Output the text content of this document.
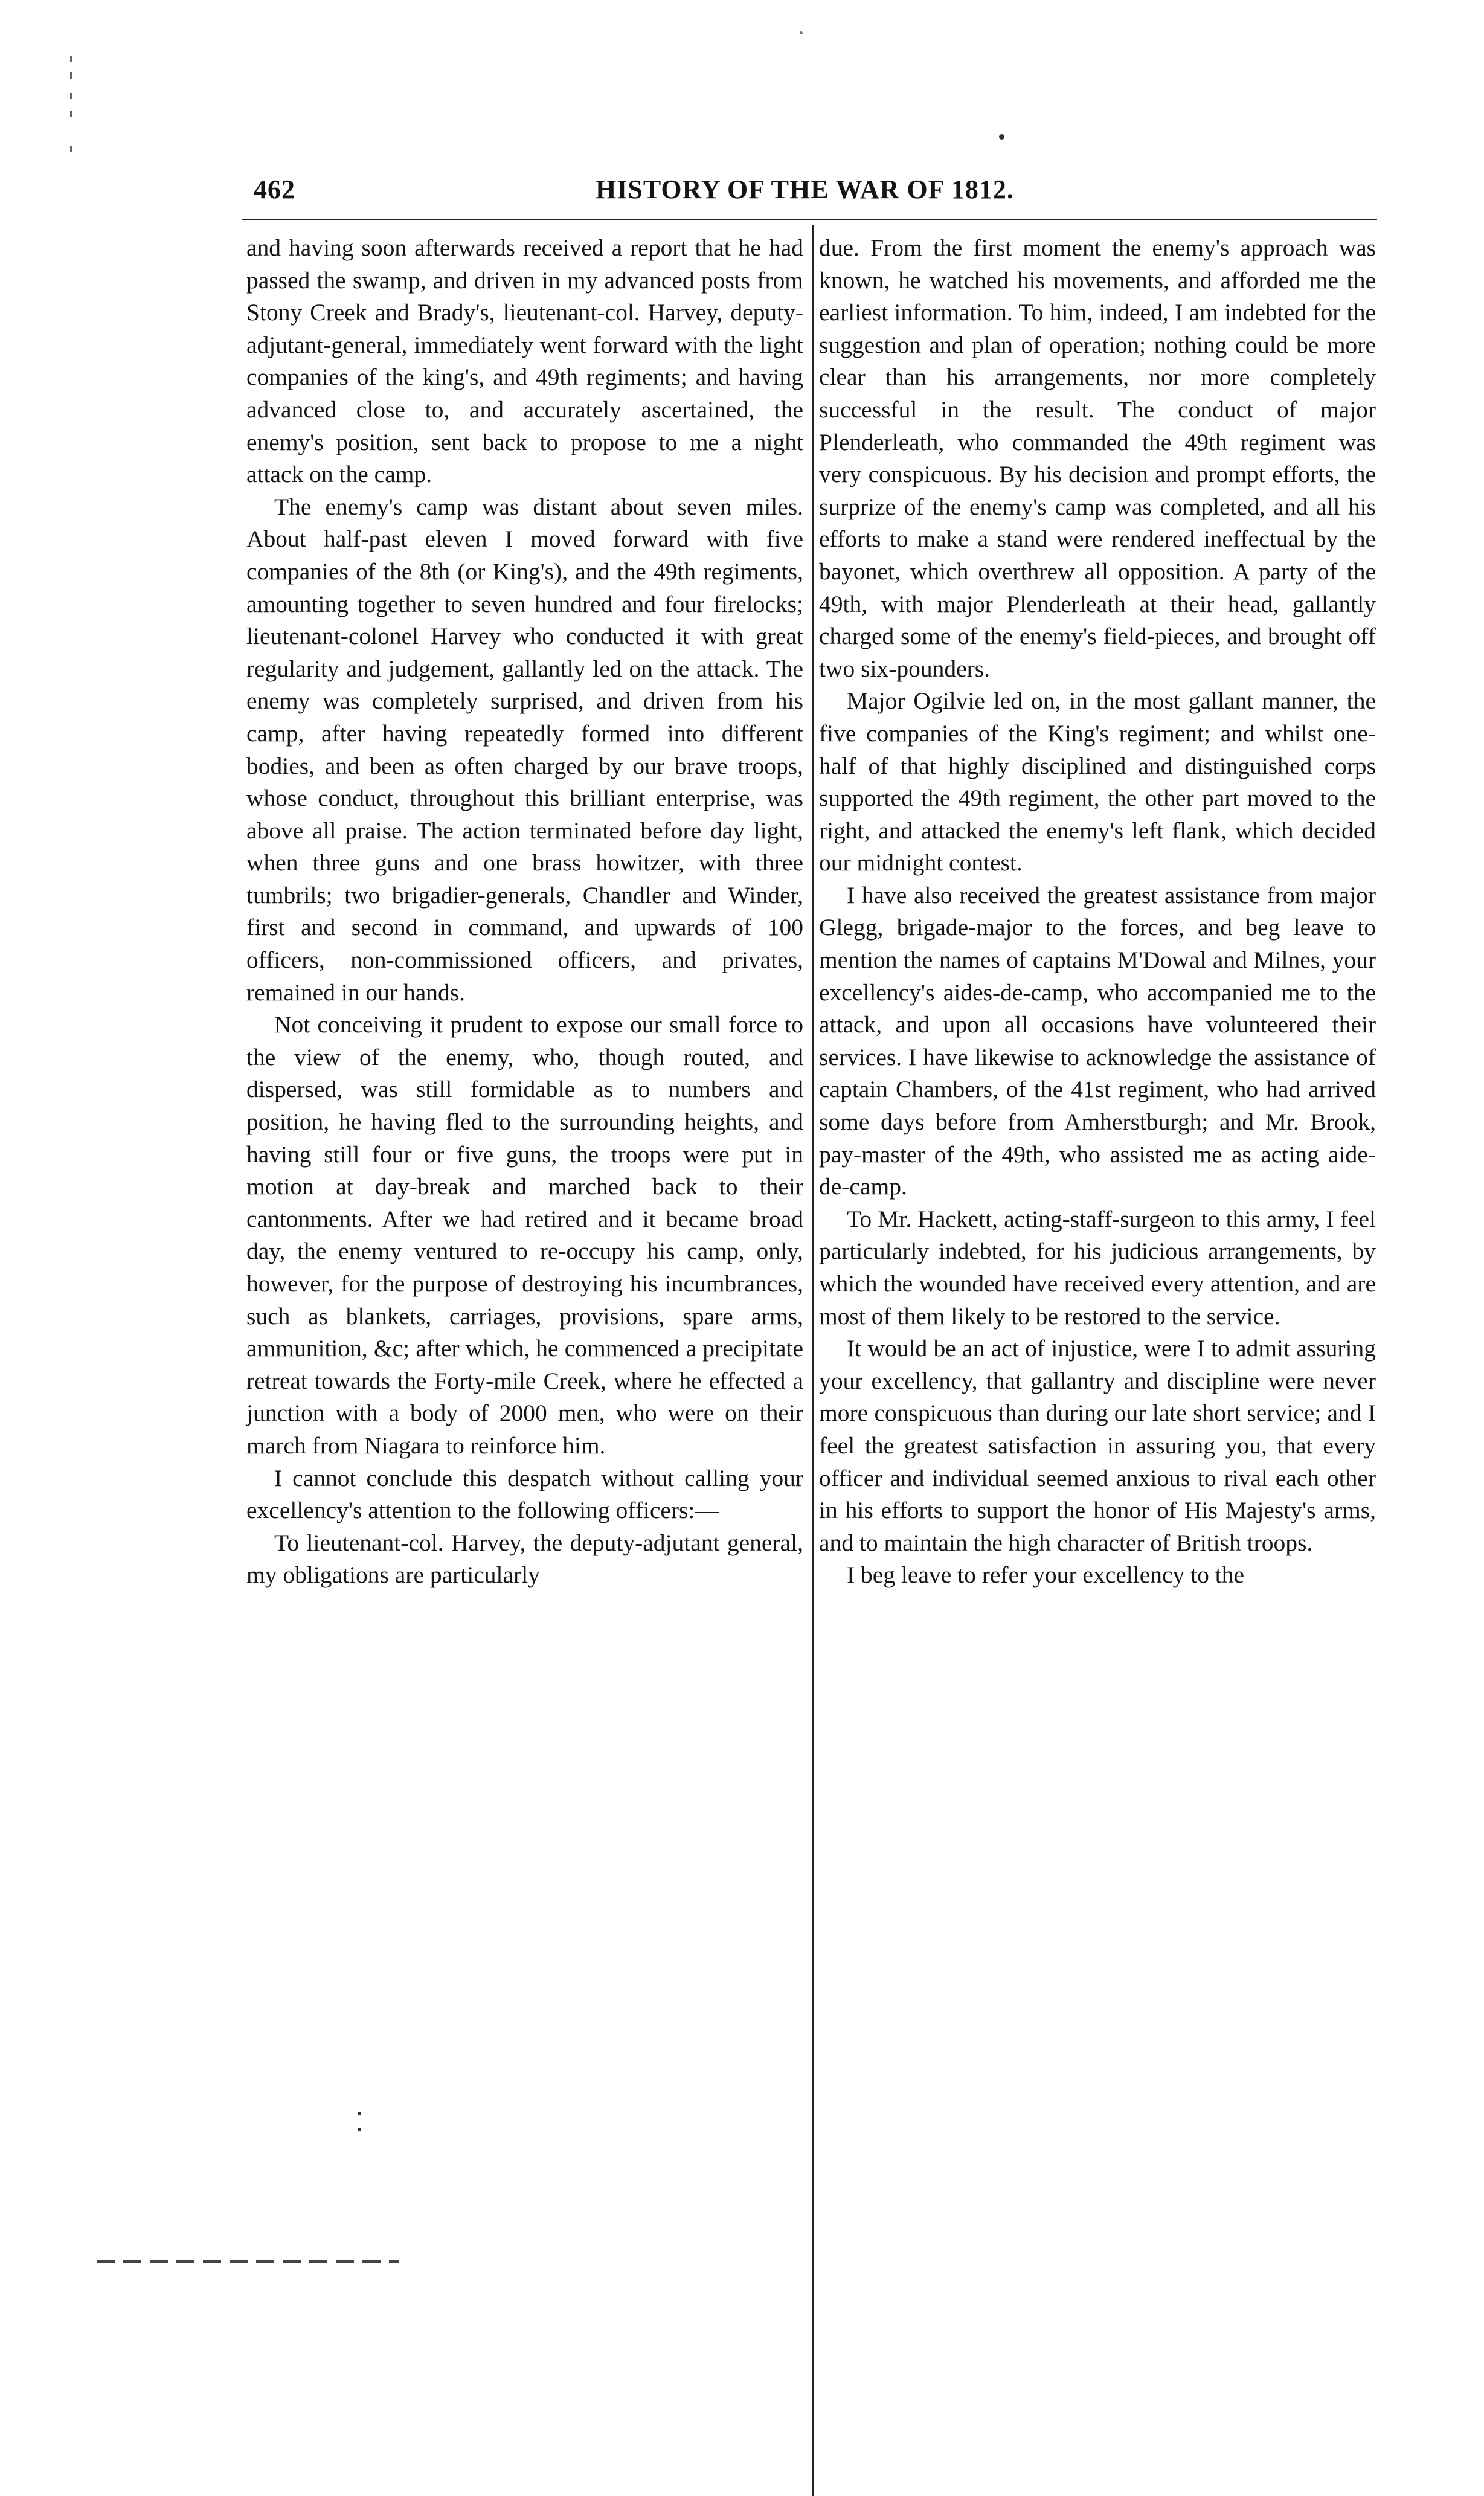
462	HISTORY OF THE WAR OF 1812.

and having soon afterwards received a report that he had passed the swamp, and driven in my advanced posts from Stony Creek and Brady's, lieutenant-col. Harvey, deputy-adjutant-general, immediately went forward with the light companies of the king's, and 49th regiments; and having advanced close to, and accurately ascertained, the enemy's position, sent back to propose to me a night attack on the camp.

The enemy's camp was distant about seven miles. About half-past eleven I moved forward with five companies of the 8th (or King's), and the 49th regiments, amounting together to seven hundred and four firelocks; lieutenant-colonel Harvey who conducted it with great regularity and judgement, gallantly led on the attack. The enemy was completely surprised, and driven from his camp, after having repeatedly formed into different bodies, and been as often charged by our brave troops, whose conduct, throughout this brilliant enterprise, was above all praise. The action terminated before day light, when three guns and one brass howitzer, with three tumbrils; two brigadier-generals, Chandler and Winder, first and second in command, and upwards of 100 officers, non-commissioned officers, and privates, remained in our hands.

Not conceiving it prudent to expose our small force to the view of the enemy, who, though routed, and dispersed, was still formidable as to numbers and position, he having fled to the surrounding heights, and having still four or five guns, the troops were put in motion at day-break and marched back to their cantonments. After we had retired and it became broad day, the enemy ventured to re-occupy his camp, only, however, for the purpose of destroying his incumbrances, such as blankets, carriages, provisions, spare arms, ammunition, &c; after which, he commenced a precipitate retreat towards the Forty-mile Creek, where he effected a junction with a body of 2000 men, who were on their march from Niagara to reinforce him.

I cannot conclude this despatch without calling your excellency's attention to the following officers:—

To lieutenant-col. Harvey, the deputy-adjutant general, my obligations are particularly

due. From the first moment the enemy's approach was known, he watched his movements, and afforded me the earliest information. To him, indeed, I am indebted for the suggestion and plan of operation; nothing could be more clear than his arrangements, nor more completely successful in the result. The conduct of major Plenderleath, who commanded the 49th regiment was very conspicuous. By his decision and prompt efforts, the surprize of the enemy's camp was completed, and all his efforts to make a stand were rendered ineffectual by the bayonet, which overthrew all opposition. A party of the 49th, with major Plenderleath at their head, gallantly charged some of the enemy's field-pieces, and brought off two six-pounders.

Major Ogilvie led on, in the most gallant manner, the five companies of the King's regiment; and whilst one-half of that highly disciplined and distinguished corps supported the 49th regiment, the other part moved to the right, and attacked the enemy's left flank, which decided our midnight contest.

I have also received the greatest assistance from major Glegg, brigade-major to the forces, and beg leave to mention the names of captains M'Dowal and Milnes, your excellency's aides-de-camp, who accompanied me to the attack, and upon all occasions have volunteered their services. I have likewise to acknowledge the assistance of captain Chambers, of the 41st regiment, who had arrived some days before from Amherstburgh; and Mr. Brook, pay-master of the 49th, who assisted me as acting aide-de-camp.

To Mr. Hackett, acting-staff-surgeon to this army, I feel particularly indebted, for his judicious arrangements, by which the wounded have received every attention, and are most of them likely to be restored to the service.

It would be an act of injustice, were I to admit assuring your excellency, that gallantry and discipline were never more conspicuous than during our late short service; and I feel the greatest satisfaction in assuring you, that every officer and individual seemed anxious to rival each other in his efforts to support the honor of His Majesty's arms, and to maintain the high character of British troops.

I beg leave to refer your excellency to the
